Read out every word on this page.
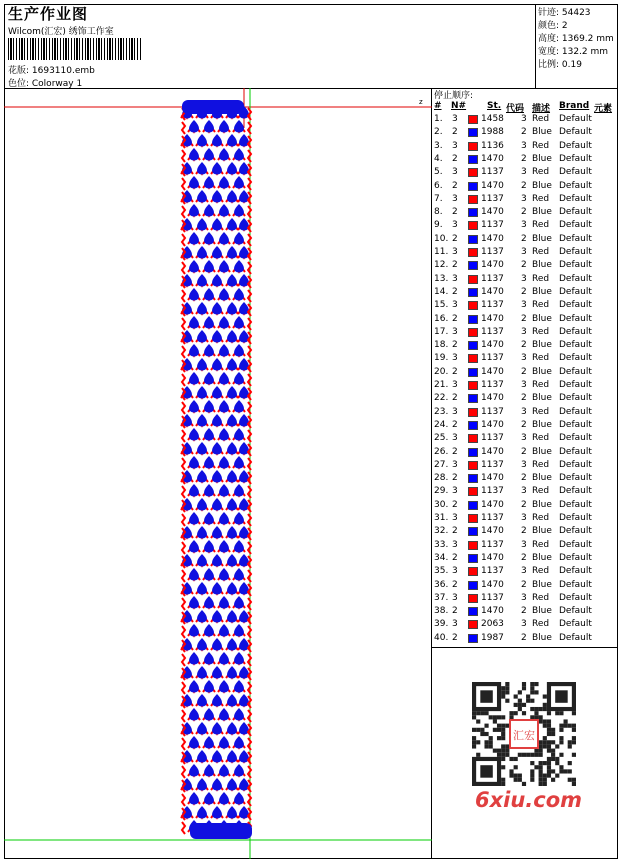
生产作业图
Wilcom(汇宏) 绣饰工作室
花版: 1693110.emb
色位: Colorway 1
针迹: 54423
颜色: 2
高度: 1369.2 mm
宽度: 132.2 mm
比例: 0.19
z
停止顺序:
# N# St. 代码 描述 Brand 元素
1. 3	1458 3 Red Default
2. 2	1988 2 Blue Default
3. 3	1136 3 Red Default
4. 2	1470 2 Blue Default
5. 3	1137 3 Red Default
6. 2	1470 2 Blue Default
7. 3	1137 3 Red Default
8. 2	1470 2 Blue Default
9. 3	1137 3 Red Default
10. 2	1470 2 Blue Default
11. 3	1137 3 Red Default
12. 2	1470 2 Blue Default
13. 3	1137 3 Red Default
14. 2	1470 2 Blue Default
15. 3	1137 3 Red Default
16. 2	1470 2 Blue Default
17. 3	1137 3 Red Default
18. 2	1470 2 Blue Default
19. 3	1137 3 Red Default
20. 2	1470 2 Blue Default
21. 3	1137 3 Red Default
22. 2	1470 2 Blue Default
23. 3	1137 3 Red Default
24. 2	1470 2 Blue Default
25. 3	1137 3 Red Default
26. 2	1470 2 Blue Default
27. 3	1137 3 Red Default
28. 2	1470 2 Blue Default
29. 3	1137 3 Red Default
30. 2	1470 2 Blue Default
31. 3	1137 3 Red Default
32. 2	1470 2 Blue Default
33. 3	1137 3 Red Default
34. 2	1470 2 Blue Default
35. 3	1137 3 Red Default
36. 2	1470 2 Blue Default
37. 3	1137 3 Red Default
38. 2	1470 2 Blue Default
39. 3	2063 3 Red Default
40. 2	1987 2 Blue Default
汇宏
6xiu.com
